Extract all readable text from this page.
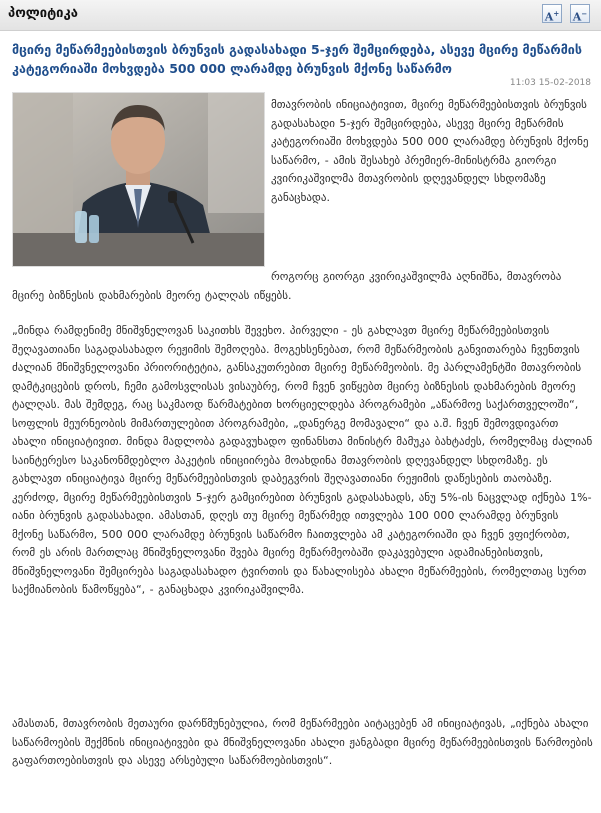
პოლიტიკა	A+ A−
მცირე მეწარმეებისთვის ბრუნვის გადასახადი 5-ჯერ შემცირდება, ასევე მცირე მეწარმის კატეგორიაში მოხვდება 500 000 ლარამდე ბრუნვის მქონე საწარმო
11:03 15-02-2018

მთავრობის ინიციატივით, მცირე მეწარმეებისთვის ბრუნვის გადასახადი 5-ჯერ შემცირდება, ასევე მცირე მეწარმის კატეგორიაში მოხვდება 500 000 ლარამდე ბრუნვის მქონე საწარმო, - ამის შესახებ პრემიერ-მინისტრმა გიორგი კვირიკაშვილმა მთავრობის დღევანდელ სხდომაზე განაცხადა.

როგორც გიორგი კვირიკაშვილმა აღნიშნა, მთავრობა მცირე ბიზნესის დახმარების მეორე ტალღას იწყებს.

„მინდა რამდენიმე მნიშვნელოვან საკითხს შევეხო. პირველი - ეს გახლავთ მცირე მეწარმეებისთვის შეღავათიანი საგადასახადო რეჟიმის შემოღება. მოგეხსენებათ, რომ მეწარმეობის განვითარება ჩვენთვის ძალიან მნიშვნელოვანი პრიორიტეტია, განსაკუთრებით მცირე მეწარმეობის. მე პარლამენტში მთავრობის დამტკიცების დროს, ჩემი გამოსვლისას ვისაუბრე, რომ ჩვენ ვიწყებთ მცირე ბიზნესის დახმარების მეორე ტალღას. მას შემდეგ, რაც საკმაოდ წარმატებით ხორციელდება პროგრამები „აწარმოე საქართველოში“, სოფლის მეურნეობის მიმართულებით პროგრამები, „დანერგე მომავალი“ და ა.შ. ჩვენ შემოვდივართ ახალი ინიციატივით. მინდა მადლობა გადავუხადო ფინანსთა მინისტრ მამუკა ბახტაძეს, რომელმაც ძალიან საინტერესო საკანონმდებლო პაკეტის ინიციირება მოახდინა მთავრობის დღევანდელ სხდომაზე. ეს გახლავთ ინიციატივა მცირე მეწარმეებისთვის დაბეგვრის შეღავათიანი რეჟიმის დაწესების თაობაზე. კერძოდ, მცირე მეწარმეებისთვის 5-ჯერ გამცირებით ბრუნვის გადასახადს, ანუ 5%-ის ნაცვლად იქნება 1%-იანი ბრუნვის გადასახადი. ამასთან, დღეს თუ მცირე მეწარმედ ითვლება 100 000 ლარამდე ბრუნვის მქონე საწარმო, 500 000 ლარამდე ბრუნვის საწარმო ჩაითვლება ამ კატეგორიაში და ჩვენ ვფიქრობთ, რომ ეს არის მართლაც მნიშვნელოვანი შვება მცირე მეწარმეობაში დაკავებული ადამიანებისთვის, მნიშვნელოვანი შემცირება საგადასახადო ტვირთის და წახალისება ახალი მეწარმეების, რომელთაც სურთ საქმიანობის წამოწყება“, - განაცხადა კვირიკაშვილმა.

ამასთან, მთავრობის მეთაური დარწმუნებულია, რომ მეწარმეები აიტაცებენ ამ ინიციატივას, „იქნება ახალი საწარმოების შექმნის ინიციატივები და მნიშვნელოვანი ახალი ჟანგბადი მცირე მეწარმეებისთვის წარმოების გაფართოებისთვის და ასევე არსებული საწარმოებისთვის“.
